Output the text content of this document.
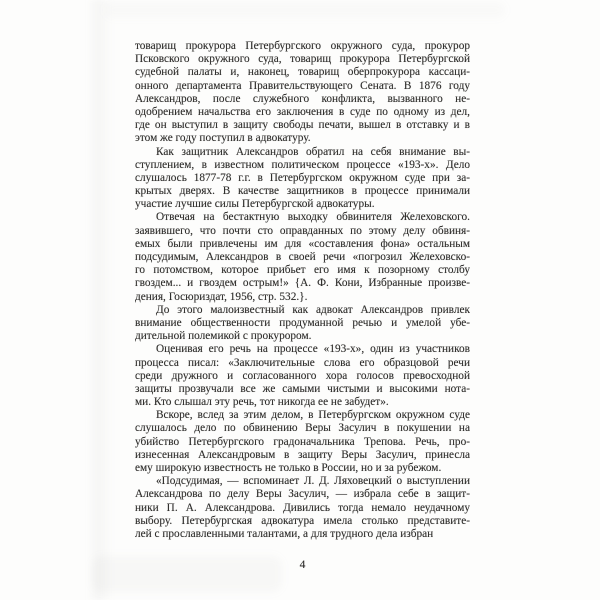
товарищ прокурора Петербургского окружного суда, прокурор
Псковского окружного суда, товарищ прокурора Петербургской
судебной палаты и, наконец, товарищ оберпрокурора кассаци-
онного департамента Правительствующего Сената. В 1876 году
Александров, после служебного конфликта, вызванного не-
одобрением начальства его заключения в суде по одному из дел,
где он выступил в защиту свободы печати, вышел в отставку и в
этом же году поступил в адвокатуру.
Как защитник Александров обратил на себя внимание вы-
ступлением, в известном политическом процессе «193-х». Дело
слушалось 1877-78 г.г. в Петербургском окружном суде при за-
крытых дверях. В качестве защитников в процессе принимали
участие лучшие силы Петербургской адвокатуры.
Отвечая на бестактную выходку обвинителя Желеховского.
заявившего, что почти сто оправданных по этому делу обвиня-
емых были привлечены им для «составления фона» остальным
подсудимым, Александров в своей речи «погрозил Желеховско-
го потомством, которое прибьет его имя к позорному столбу
гвоздем... и гвоздем острым!» {А. Ф. Кони, Избранные произве-
дения, Госюриздат, 1956, стр. 532.}.
До этого малоизвестный как адвокат Александров привлек
внимание общественности продуманной речью и умелой убе-
дительной полемикой с прокурором.
Оценивая его речь на процессе «193-х», один из участников
процесса писал: «Заключительные слова его образцовой речи
среди дружного и согласованного хора голосов превосходной
защиты прозвучали все же самыми чистыми и высокими нота-
ми. Кто слышал эту речь, тот никогда ее не забудет».
Вскоре, вслед за этим делом, в Петербургском окружном суде
слушалось дело по обвинению Веры Засулич в покушении на
убийство Петербургского градоначальника Трепова. Речь, про-
изнесенная Александровым в защиту Веры Засулич, принесла
ему широкую известность не только в России, но и за рубежом.
«Подсудимая, — вспоминает Л. Д. Ляховецкий о выступлении
Александрова по делу Веры Засулич, — избрала себе в защит-
ники П. А. Александрова. Дивились тогда немало неудачному
выбору. Петербургская адвокатура имела столько представите-
лей с прославленными талантами, а для трудного дела избран
4
